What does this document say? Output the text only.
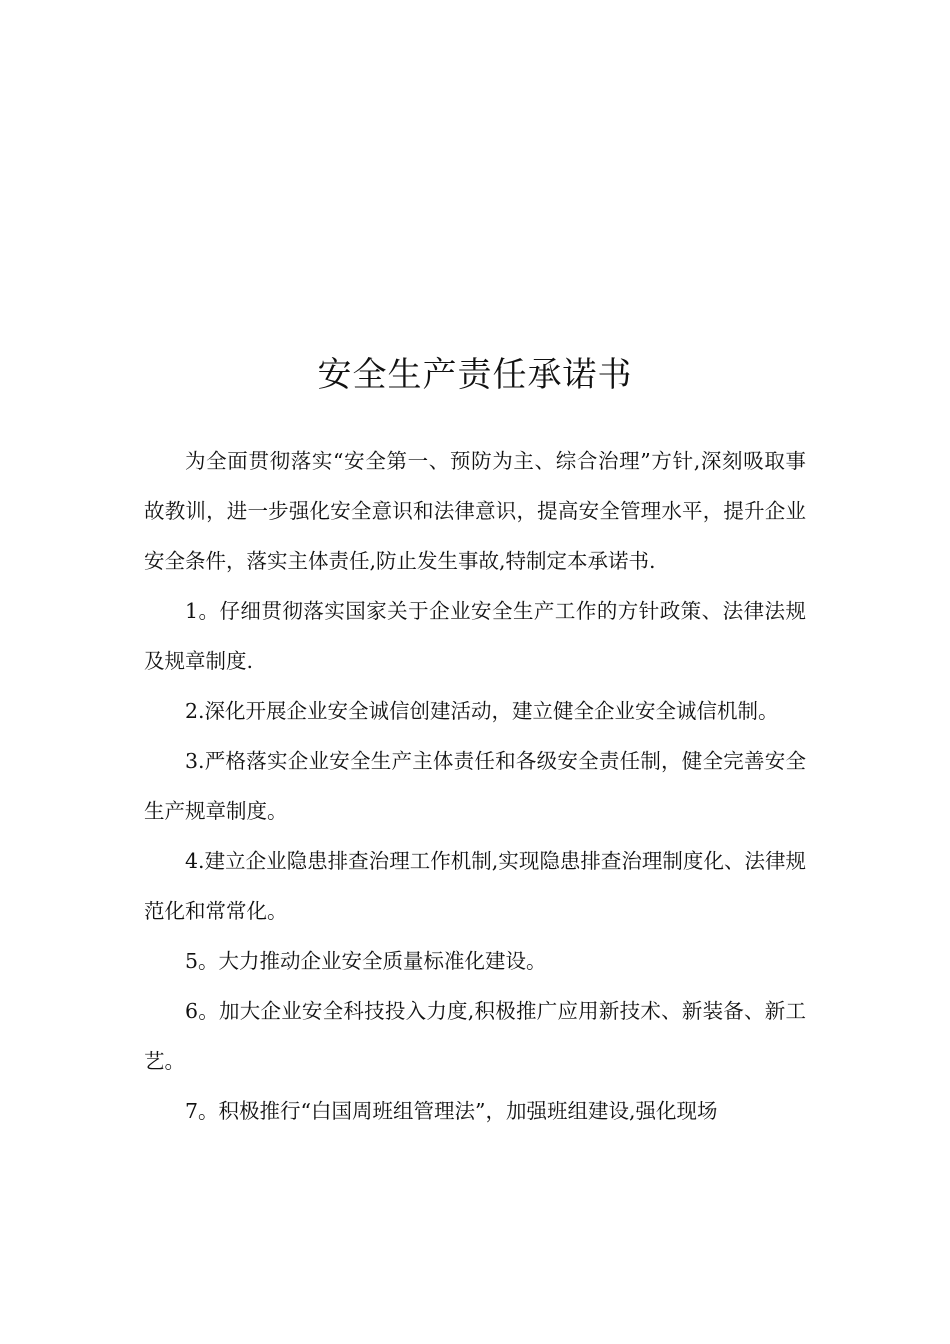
安全生产责任承诺书

为全面贯彻落实“安全第一、预防为主、综合治理”方针,深刻吸取事故教训，进一步强化安全意识和法律意识，提高安全管理水平，提升企业安全条件，落实主体责任,防止发生事故,特制定本承诺书.

1。仔细贯彻落实国家关于企业安全生产工作的方针政策、法律法规及规章制度.

2.深化开展企业安全诚信创建活动，建立健全企业安全诚信机制。

3.严格落实企业安全生产主体责任和各级安全责任制，健全完善安全生产规章制度。

4.建立企业隐患排查治理工作机制,实现隐患排查治理制度化、法律规范化和常常化。

5。大力推动企业安全质量标准化建设。

6。加大企业安全科技投入力度,积极推广应用新技术、新装备、新工艺。

7。积极推行“白国周班组管理法”，加强班组建设,强化现场
